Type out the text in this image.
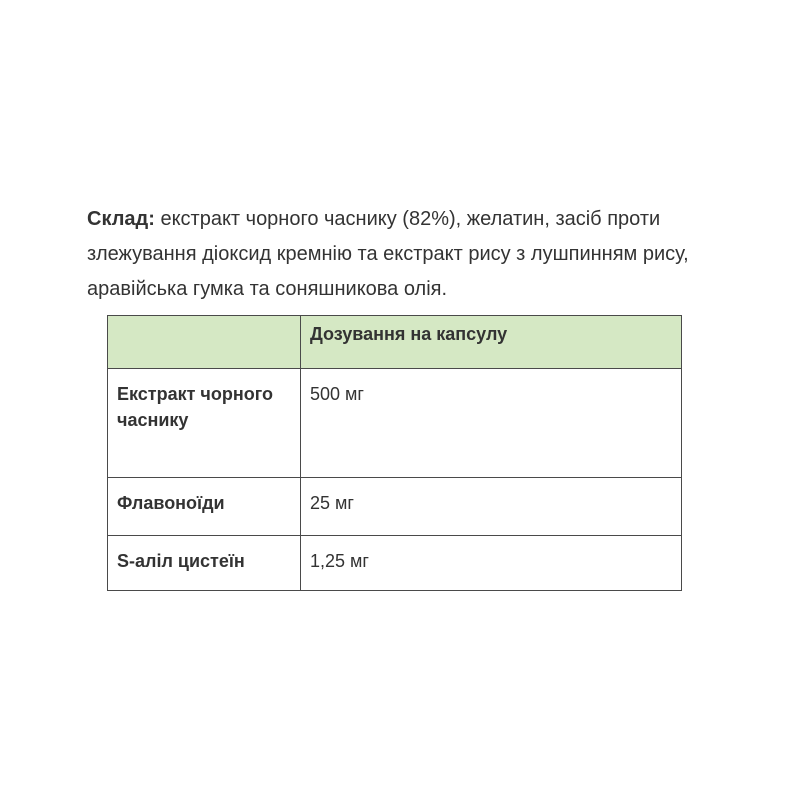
Склад: екстракт чорного часнику (82%), желатин, засіб проти злежування діоксид кремнію та екстракт рису з лушпинням рису, аравійська гумка та соняшникова олія.

	Дозування на капсулу
Екстракт чорного часнику	500 мг
Флавоноїди	25 мг
S-аліл цистеїн	1,25 мг
